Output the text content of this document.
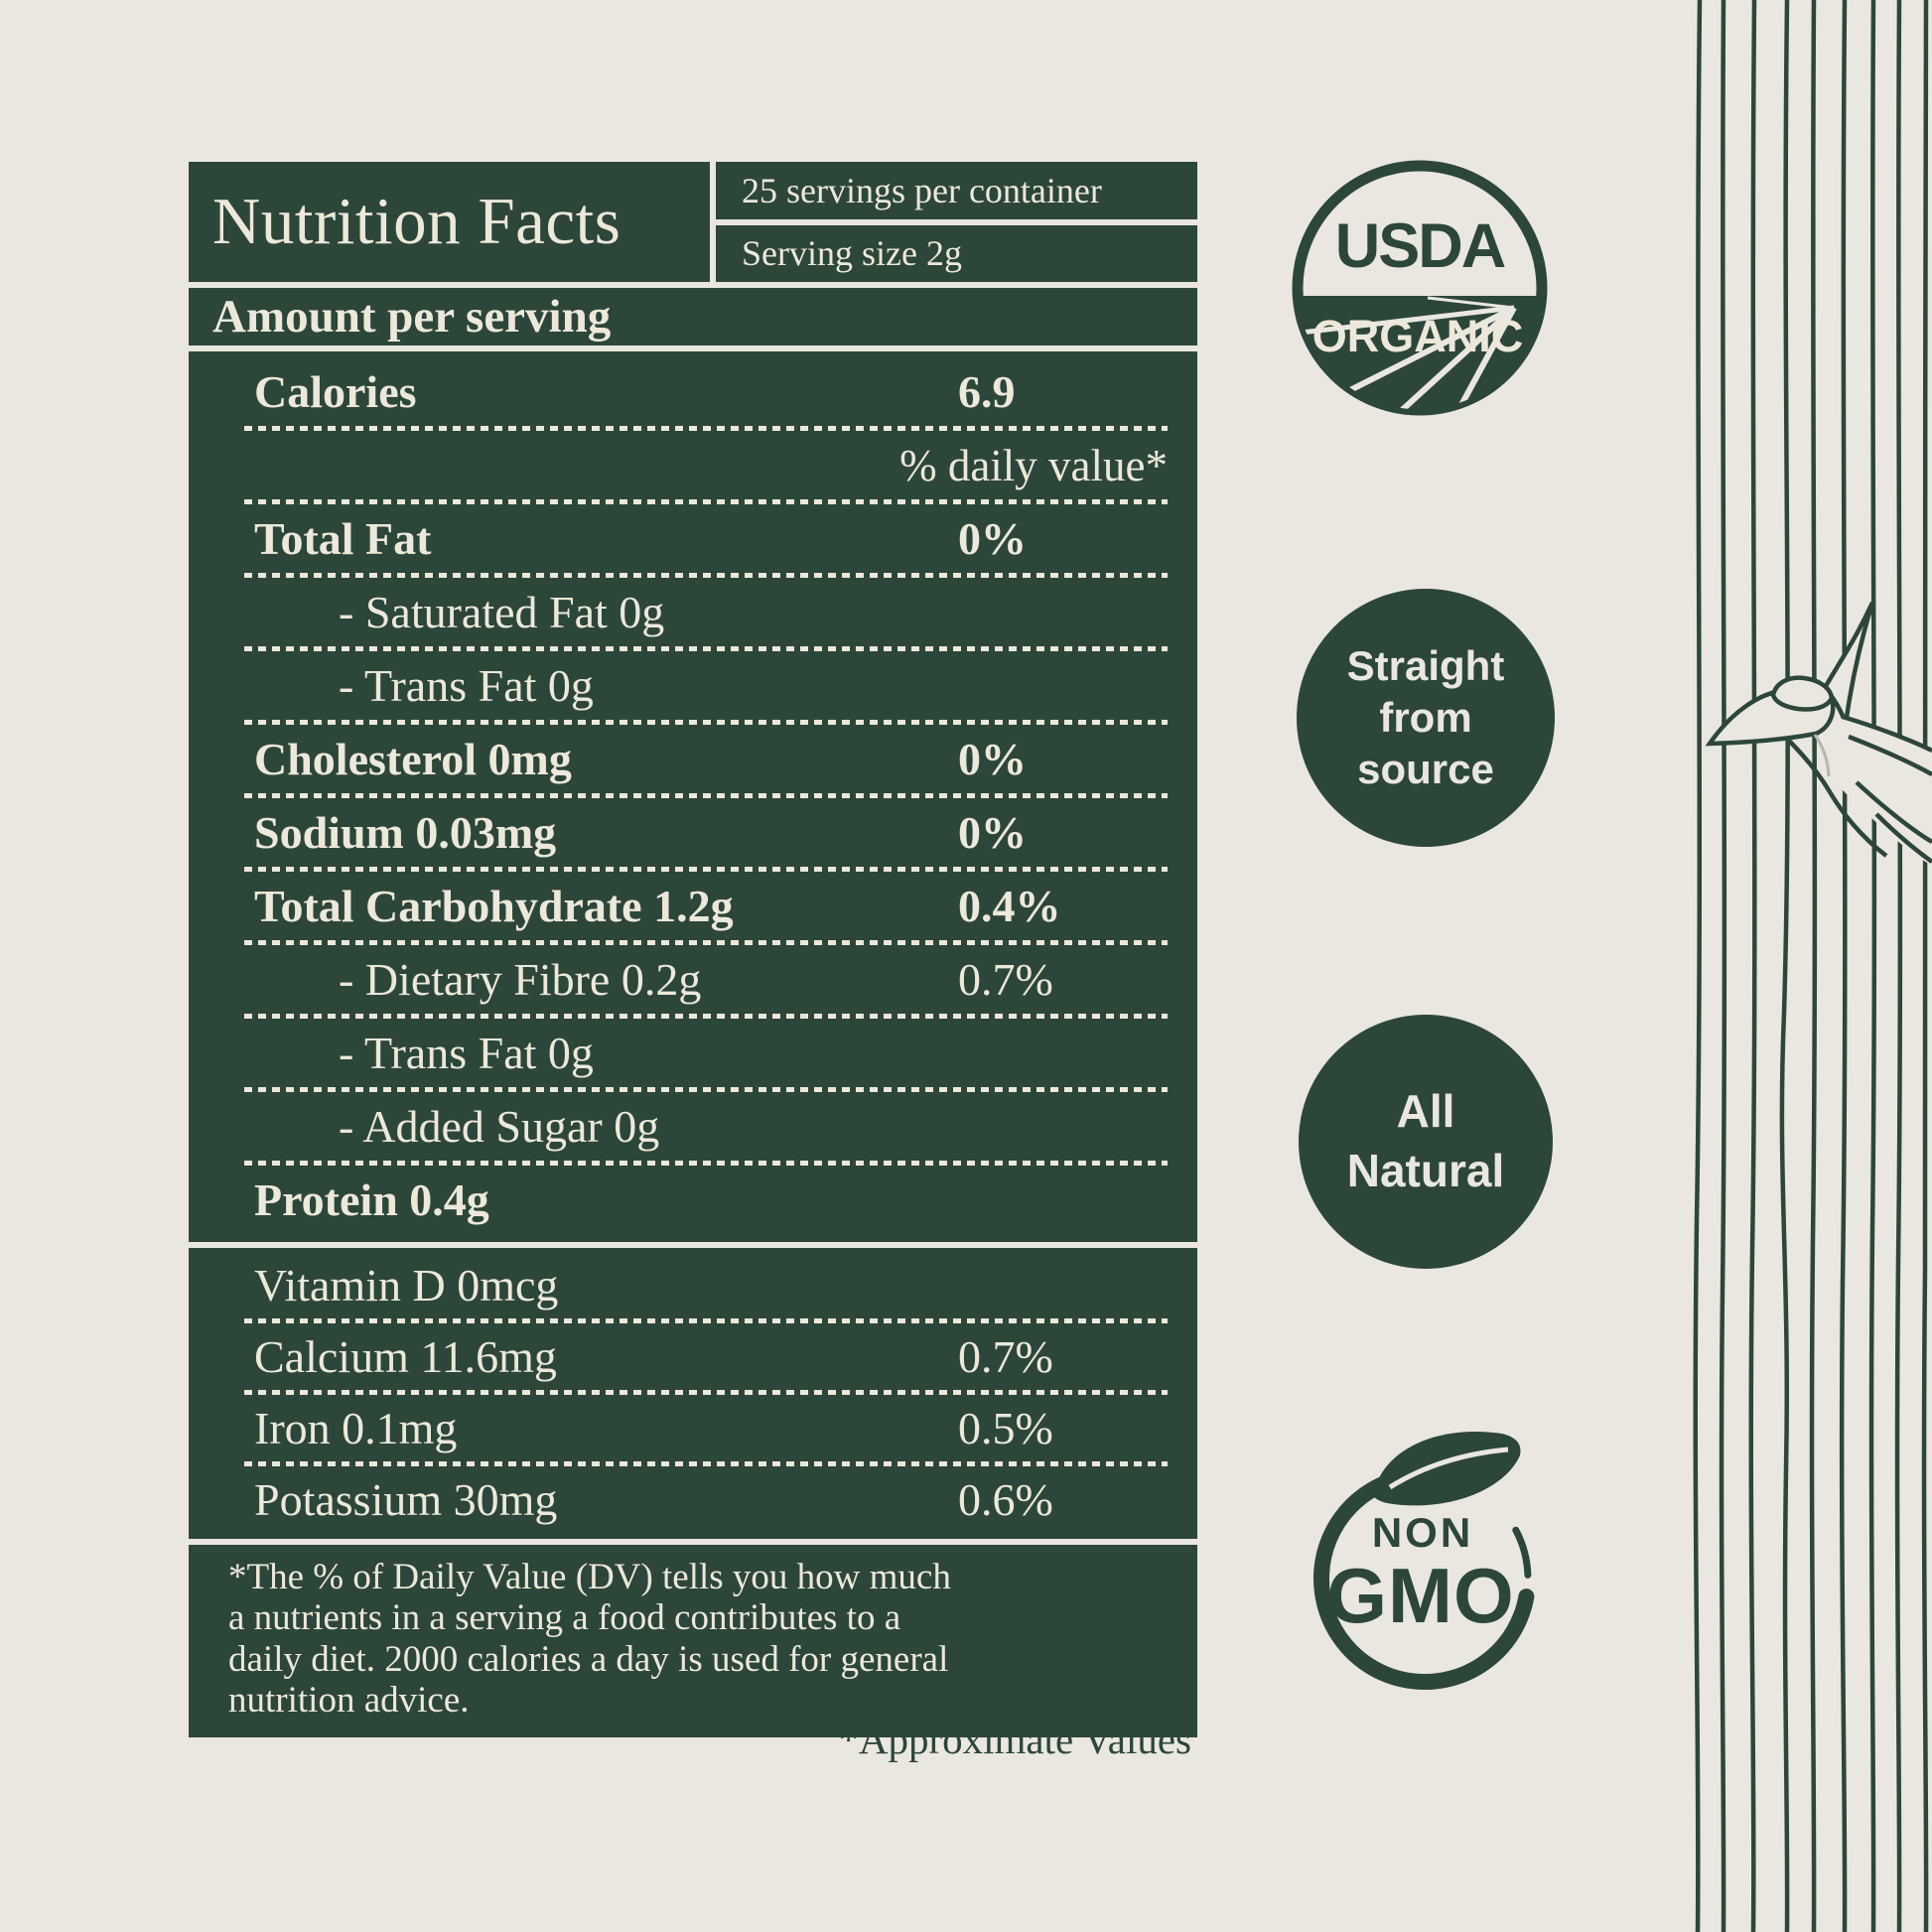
Nutrition Facts	25 servings per container
Serving size 2g
Amount per serving
Calories	6.9
% daily value*
Total Fat	0%
- Saturated Fat 0g
- Trans Fat 0g
Cholesterol 0mg	0%
Sodium 0.03mg	0%
Total Carbohydrate 1.2g	0.4%
- Dietary Fibre 0.2g	0.7%
- Trans Fat 0g
- Added Sugar 0g
Protein 0.4g
Vitamin D 0mcg
Calcium 11.6mg	0.7%
Iron 0.1mg	0.5%
Potassium 30mg	0.6%
*The % of Daily Value (DV) tells you how much
a nutrients in a serving a food contributes to a
daily diet. 2000 calories a day is used for general
nutrition advice.
*Approximate Values
USDA
ORGANIC
Straight
from
source
All
Natural
NON
GMO
